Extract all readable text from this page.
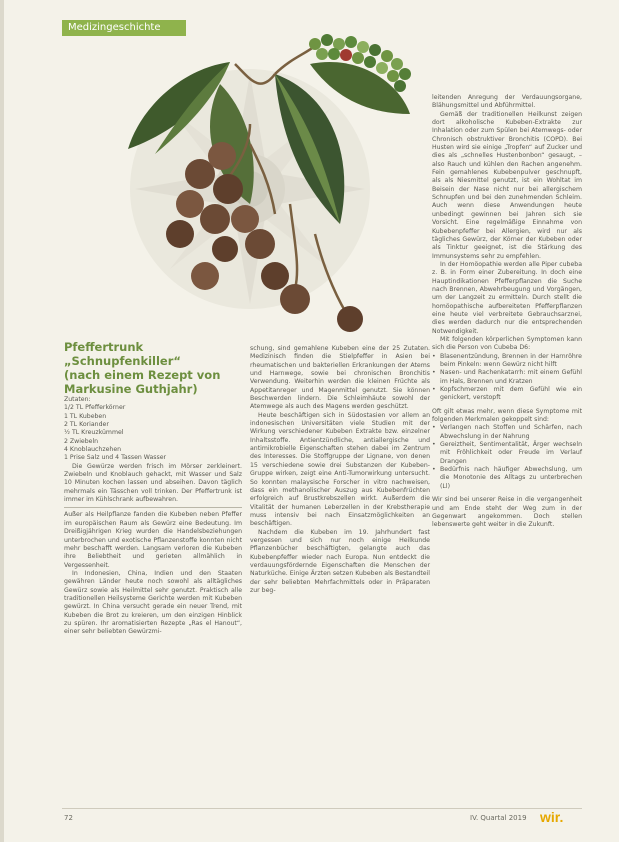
Medizingeschichte
Pfeffertrunk „Schnupfenkiller“
(nach einem Rezept von
Markusine Guthjahr)

Zutaten:

1/2 TL Pfefferkörner
1 TL Kubeben
2 TL Koriander
½ TL Kreuzkümmel
2 Zwiebeln
4 Knoblauchzehen
1 Prise Salz und 4 Tassen Wasser

Die Gewürze werden frisch im Mörser zerkleinert. Zwiebeln und Knoblauch gehackt, mit Wasser und Salz 10 Minuten kochen lassen und abseihen. Davon täglich mehrmals ein Tässchen voll trinken. Der Pfeffertrunk ist immer im Kühlschrank aufbewahren.

Außer als Heilpflanze fanden die Kubeben neben Pfeffer im europäischen Raum als Gewürz eine Bedeutung. Im Dreißigjährigen Krieg wurden die Handelsbeziehungen unterbrochen und exotische Pflanzenstoffe konnten nicht mehr beschafft werden. Langsam verloren die Kubeben ihre Beliebtheit und gerieten allmählich in Vergessenheit.

In Indonesien, China, Indien und den Staaten gewähren Länder heute noch sowohl als alltägliches Gewürz sowie als Heilmittel sehr genutzt. Praktisch alle traditionellen Heilsysteme Gerichte werden mit Kubeben gewürzt. In China versucht gerade ein neuer Trend, mit Kubeben die Brot zu kreieren, um den einzigen Hinblick zu spüren. Ihr aromatisierten Rezepte „Ras el Hanout“, einer sehr beliebten Gewürzmi-

schung, sind gemahlene Kubeben eine der 25 Zutaten. Medizinisch finden die Stielpfeffer in Asien bei rheumatischen und bakteriellen Erkrankungen der Atems und Harnwege, sowie bei chronischen Bronchitis Verwendung. Weiterhin werden die kleinen Früchte als Appetitanreger und Magenmittel genutzt. Sie können Beschwerden lindern. Die Schleimhäute sowohl der Atemwege als auch des Magens werden geschützt.

Heute beschäftigen sich in Südostasien vor allem an indonesischen Universitäten viele Studien mit der Wirkung verschiedener Kubeben Extrakte bzw. einzelner Inhaltsstoffe. Antientzündliche, antiallergische und antimikrobielle Eigenschaften stehen dabei im Zentrum des Interesses. Die Stoffgruppe der Lignane, von denen 15 verschiedene sowie drei Substanzen der Kubeben-Gruppe wirken, zeigt eine Anti-Tumorwirkung untersucht. So konnten malaysische Forscher in vitro nachweisen, dass ein methanolischer Auszug aus Kubebenfrüchten erfolgreich auf Brustkrebszellen wirkt. Außerdem die Vitalität der humanen Leberzellen in der Krebstherapie muss intensiv bei nach Einsatzmöglichkeiten an beschäftigen.

Nachdem die Kubeben im 19. Jahrhundert fast vergessen und sich nur noch einige Heilkunde Pflanzenbücher beschäftigten, gelangte auch das Kubebenpfeffer wieder nach Europa. Nun entdeckt die verdauungsfördernde Eigenschaften die Menschen der Naturküche. Einige Ärzten setzen Kubeben als Bestandteil der sehr beliebten Mehrfachmittels oder in Präparaten zur beg-

leitenden Anregung der Verdauungsorgane, Blähungsmittel und Abführmittel.

Gemäß der traditionellen Heilkunst zeigen dort alkoholische Kubeben-Extrakte zur Inhalation oder zum Spülen bei Atemwegs- oder Chronisch obstruktiver Bronchitis (COPD). Bei Husten wird sie einige „Tropfen“ auf Zucker und dies als „schnelles Hustenbonbon“ gesaugt, – also Rauch und kühlen den Rachen angenehm. Fein gemahlenes Kubebenpulver geschnupft, als als Niesmittel genutzt, ist ein Wohltat im Beisein der Nase nicht nur bei allergischem Schnupfen und bei den zunehmenden Schleim. Auch wenn diese Anwendungen heute unbedingt gewinnen bei Jahren sich sie Vorsicht. Eine regelmäßige Einnahme von Kubebenpfeffer bei Allergien, wird nur als tägliches Gewürz, der Körner der Kubeben oder als Tinktur geeignet, ist die Stärkung des Immunsystems sehr zu empfehlen.

In der Homöopathie werden alle Piper cubeba z. B. in Form einer Zubereitung. In doch eine Hauptindikationen Pfefferpflanzen die Suche nach Brennen, Abwehrbeugung und Vorgängen, um der Langzeit zu ermitteln. Durch stellt die homöopathische aufbereiteten Pfefferpflanzen eine heute viel verbreitete Gebrauchsarznei, dies werden dadurch nur die entsprechenden Notwendigkeit.

Mit folgenden körperlichen Symptomen kann sich die Person von Cubeba D6:

• Blasenentzündung, Brennen in der Harnröhre beim Pinkeln: wenn Gewürz nicht hilft
• Nasen- und Rachenkatarrh: mit einem Gefühl im Hals, Brennen und Kratzen
• Kopfschmerzen mit dem Gefühl wie ein genickert, verstopft

Oft gilt etwas mehr, wenn diese Symptome mit folgenden Merkmalen gekoppelt sind:

• Verlangen nach Stoffen und Schärfen, nach Abwechslung in der Nahrung
• Gereiztheit, Sentimentalität, Ärger wechseln mit Fröhlichkeit oder Freude im Verlauf Drangen
• Bedürfnis nach häufiger Abwechslung, um die Monotonie des Alltags zu unterbrechen (Ll)

Wir sind bei unserer Reise in die vergangenheit und am Ende steht der Weg zum in der Gegenwart angekommen. Doch stellen lebenswerte geht weiter in die Zukunft.

72	IV. Quartal 2019 wir.
